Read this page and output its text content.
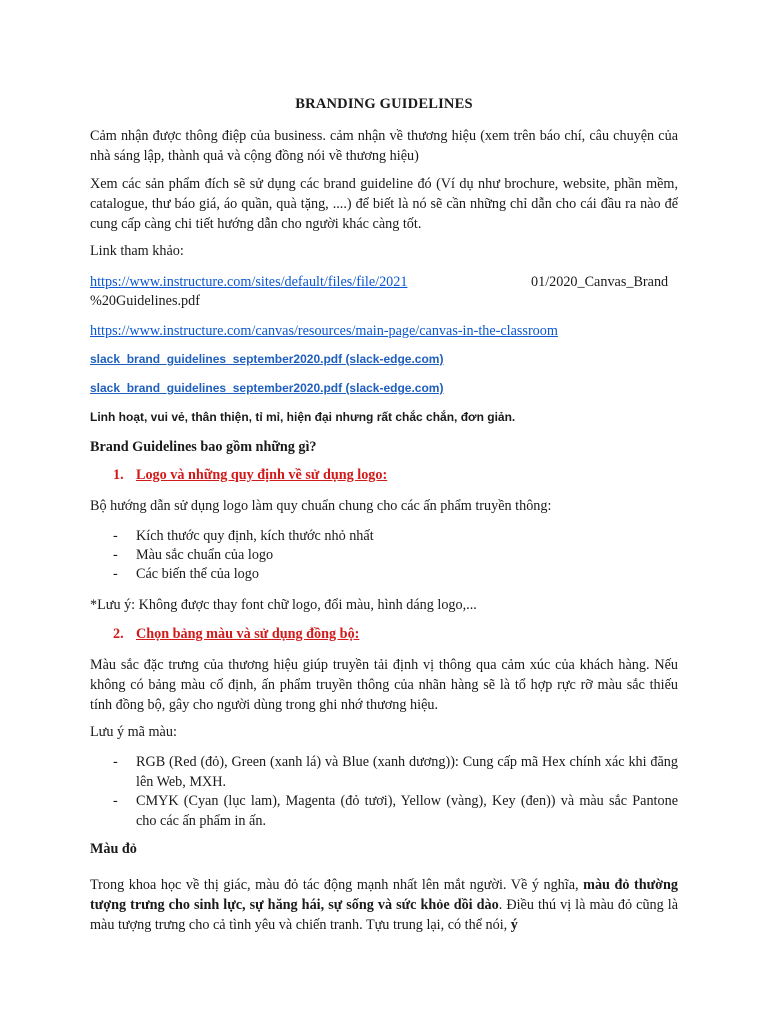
BRANDING GUIDELINES

Cảm nhận được thông điệp của business. cảm nhận về thương hiệu (xem trên báo chí, câu chuyện của nhà sáng lập, thành quả và cộng đồng nói về thương hiệu)

Xem các sản phẩm đích sẽ sử dụng các brand guideline đó (Ví dụ như brochure, website, phần mềm, catalogue, thư báo giá, áo quần, quà tặng, ....) để biết là nó sẽ cần những chỉ dẫn cho cái đầu ra nào để cung cấp càng chi tiết hướng dẫn cho người khác càng tốt.

Link tham khảo:

https://www.instructure.com/sites/default/files/file/2021	01/2020_Canvas_Brand
%20Guidelines.pdf
https://www.instructure.com/canvas/resources/main-page/canvas-in-the-classroom
slack_brand_guidelines_september2020.pdf (slack-edge.com)
slack_brand_guidelines_september2020.pdf (slack-edge.com)
Linh hoạt, vui vẻ, thân thiện, tỉ mỉ, hiện đại nhưng rất chắc chắn, đơn giản.
Brand Guidelines bao gồm những gì?
1. Logo và những quy định về sử dụng logo:

Bộ hướng dẫn sử dụng logo làm quy chuẩn chung cho các ấn phẩm truyền thông:

- Kích thước quy định, kích thước nhỏ nhất
- Màu sắc chuẩn của logo
- Các biến thể của logo

*Lưu ý: Không được thay font chữ logo, đổi màu, hình dáng logo,...

2. Chọn bảng màu và sử dụng đồng bộ:

Màu sắc đặc trưng của thương hiệu giúp truyền tải định vị thông qua cảm xúc của khách hàng. Nếu không có bảng màu cố định, ấn phẩm truyền thông của nhãn hàng sẽ là tổ hợp rực rỡ màu sắc thiếu tính đồng bộ, gây cho người dùng trong ghi nhớ thương hiệu.

Lưu ý mã màu:

- RGB (Red (đỏ), Green (xanh lá) và Blue (xanh dương)): Cung cấp mã Hex chính xác khi đăng lên Web, MXH.
- CMYK (Cyan (lục lam), Magenta (đỏ tươi), Yellow (vàng), Key (đen)) và màu sắc Pantone cho các ấn phẩm in ấn.
Màu đỏ

Trong khoa học về thị giác, màu đỏ tác động mạnh nhất lên mắt người. Về ý nghĩa, màu đỏ thường tượng trưng cho sinh lực, sự hăng hái, sự sống và sức khỏe dồi dào. Điều thú vị là màu đỏ cũng là màu tượng trưng cho cả tình yêu và chiến tranh. Tựu trung lại, có thể nói, ý
